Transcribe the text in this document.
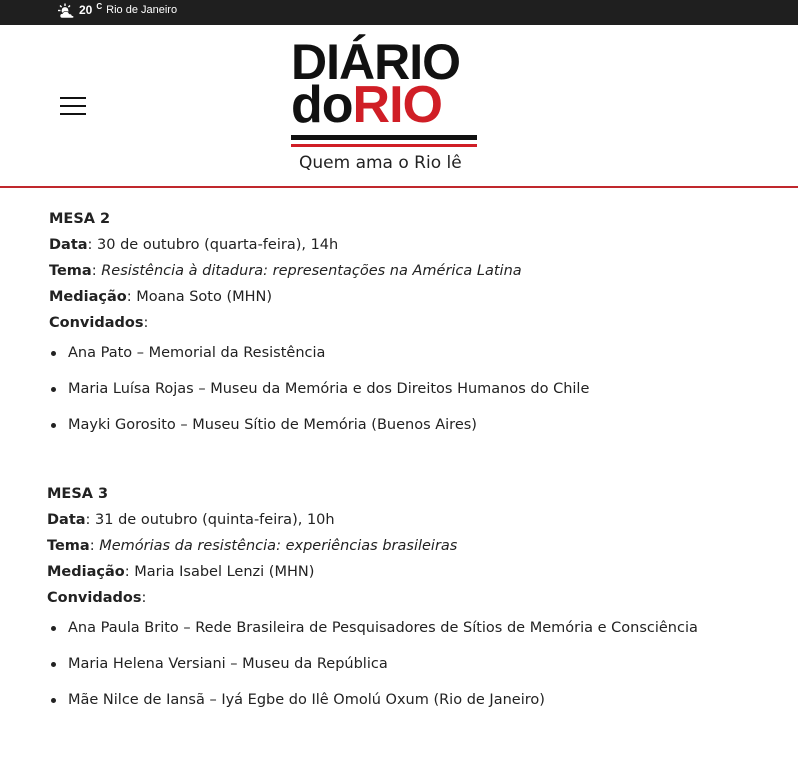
20 C Rio de Janeiro
DIÁRIO
doRIO
Quem ama o Rio lê

MESA 2

Data: 30 de outubro (quarta-feira), 14h

Tema: Resistência à ditadura: representações na América Latina

Mediação: Moana Soto (MHN)

Convidados:

Ana Pato – Memorial da Resistência
Maria Luísa Rojas – Museu da Memória e dos Direitos Humanos do Chile
Mayki Gorosito – Museu Sítio de Memória (Buenos Aires)

MESA 3

Data: 31 de outubro (quinta-feira), 10h

Tema: Memórias da resistência: experiências brasileiras

Mediação: Maria Isabel Lenzi (MHN)

Convidados:

Ana Paula Brito – Rede Brasileira de Pesquisadores de Sítios de Memória e Consciência
Maria Helena Versiani – Museu da República
Mãe Nilce de Iansã – Iyá Egbe do Ilê Omolú Oxum (Rio de Janeiro)
